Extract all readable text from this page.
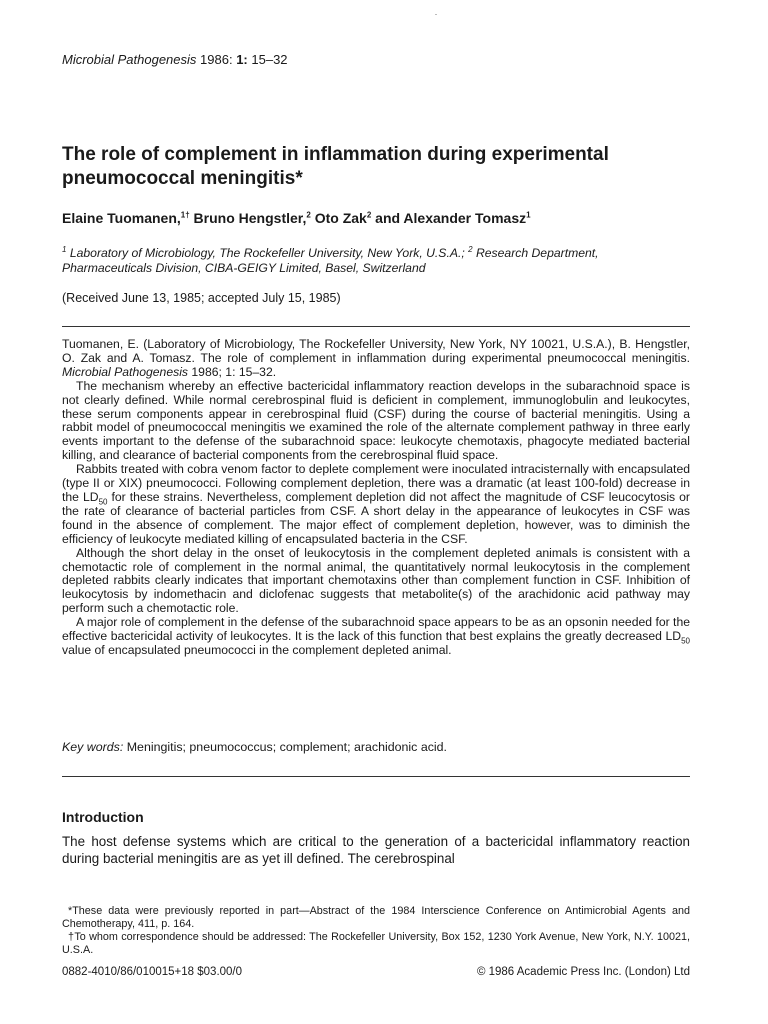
Microbial Pathogenesis 1986: 1: 15–32
The role of complement in inflammation during experimental pneumococcal meningitis*
Elaine Tuomanen,$^{1\dagger}$ Bruno Hengstler,$^2$ Oto Zak$^2$ and Alexander Tomasz$^1$
$^1$ Laboratory of Microbiology, The Rockefeller University, New York, U.S.A.; $^2$ Research Department, Pharmaceuticals Division, CIBA-GEIGY Limited, Basel, Switzerland
(Received June 13, 1985; accepted July 15, 1985)

Tuomanen, E. (Laboratory of Microbiology, The Rockefeller University, New York, NY 10021, U.S.A.), B. Hengstler, O. Zak and A. Tomasz. The role of complement in inflammation during experimental pneumococcal meningitis. Microbial Pathogenesis 1986; 1: 15–32.

The mechanism whereby an effective bactericidal inflammatory reaction develops in the subarachnoid space is not clearly defined. While normal cerebrospinal fluid is deficient in complement, immunoglobulin and leukocytes, these serum components appear in cerebrospinal fluid (CSF) during the course of bacterial meningitis. Using a rabbit model of pneumococcal meningitis we examined the role of the alternate complement pathway in three early events important to the defense of the subarachnoid space: leukocyte chemotaxis, phagocyte mediated bacterial killing, and clearance of bacterial components from the cerebrospinal fluid space.

Rabbits treated with cobra venom factor to deplete complement were inoculated intracisternally with encapsulated (type II or XIX) pneumococci. Following complement depletion, there was a dramatic (at least 100-fold) decrease in the $LD_{50}$ for these strains. Nevertheless, complement depletion did not affect the magnitude of CSF leucocytosis or the rate of clearance of bacterial particles from CSF. A short delay in the appearance of leukocytes in CSF was found in the absence of complement. The major effect of complement depletion, however, was to diminish the efficiency of leukocyte mediated killing of encapsulated bacteria in the CSF.

Although the short delay in the onset of leukocytosis in the complement depleted animals is consistent with a chemotactic role of complement in the normal animal, the quantitatively normal leukocytosis in the complement depleted rabbits clearly indicates that important chemotaxins other than complement function in CSF. Inhibition of leukocytosis by indomethacin and diclofenac suggests that metabolite(s) of the arachidonic acid pathway may perform such a chemotactic role.

A major role of complement in the defense of the subarachnoid space appears to be as an opsonin needed for the effective bactericidal activity of leukocytes. It is the lack of this function that best explains the greatly decreased $LD_{50}$ value of encapsulated pneumococci in the complement depleted animal.

Key words: Meningitis; pneumococcus; complement; arachidonic acid.
Introduction

The host defense systems which are critical to the generation of a bactericidal inflammatory reaction during bacterial meningitis are as yet ill defined. The cerebrospinal

*These data were previously reported in part—Abstract of the 1984 Interscience Conference on Antimicrobial Agents and Chemotherapy, 411, p. 164.

†To whom correspondence should be addressed: The Rockefeller University, Box 152, 1230 York Avenue, New York, N.Y. 10021, U.S.A.

0882-4010/86/010015+18 $03.00/0	© 1986 Academic Press Inc. (London) Ltd
